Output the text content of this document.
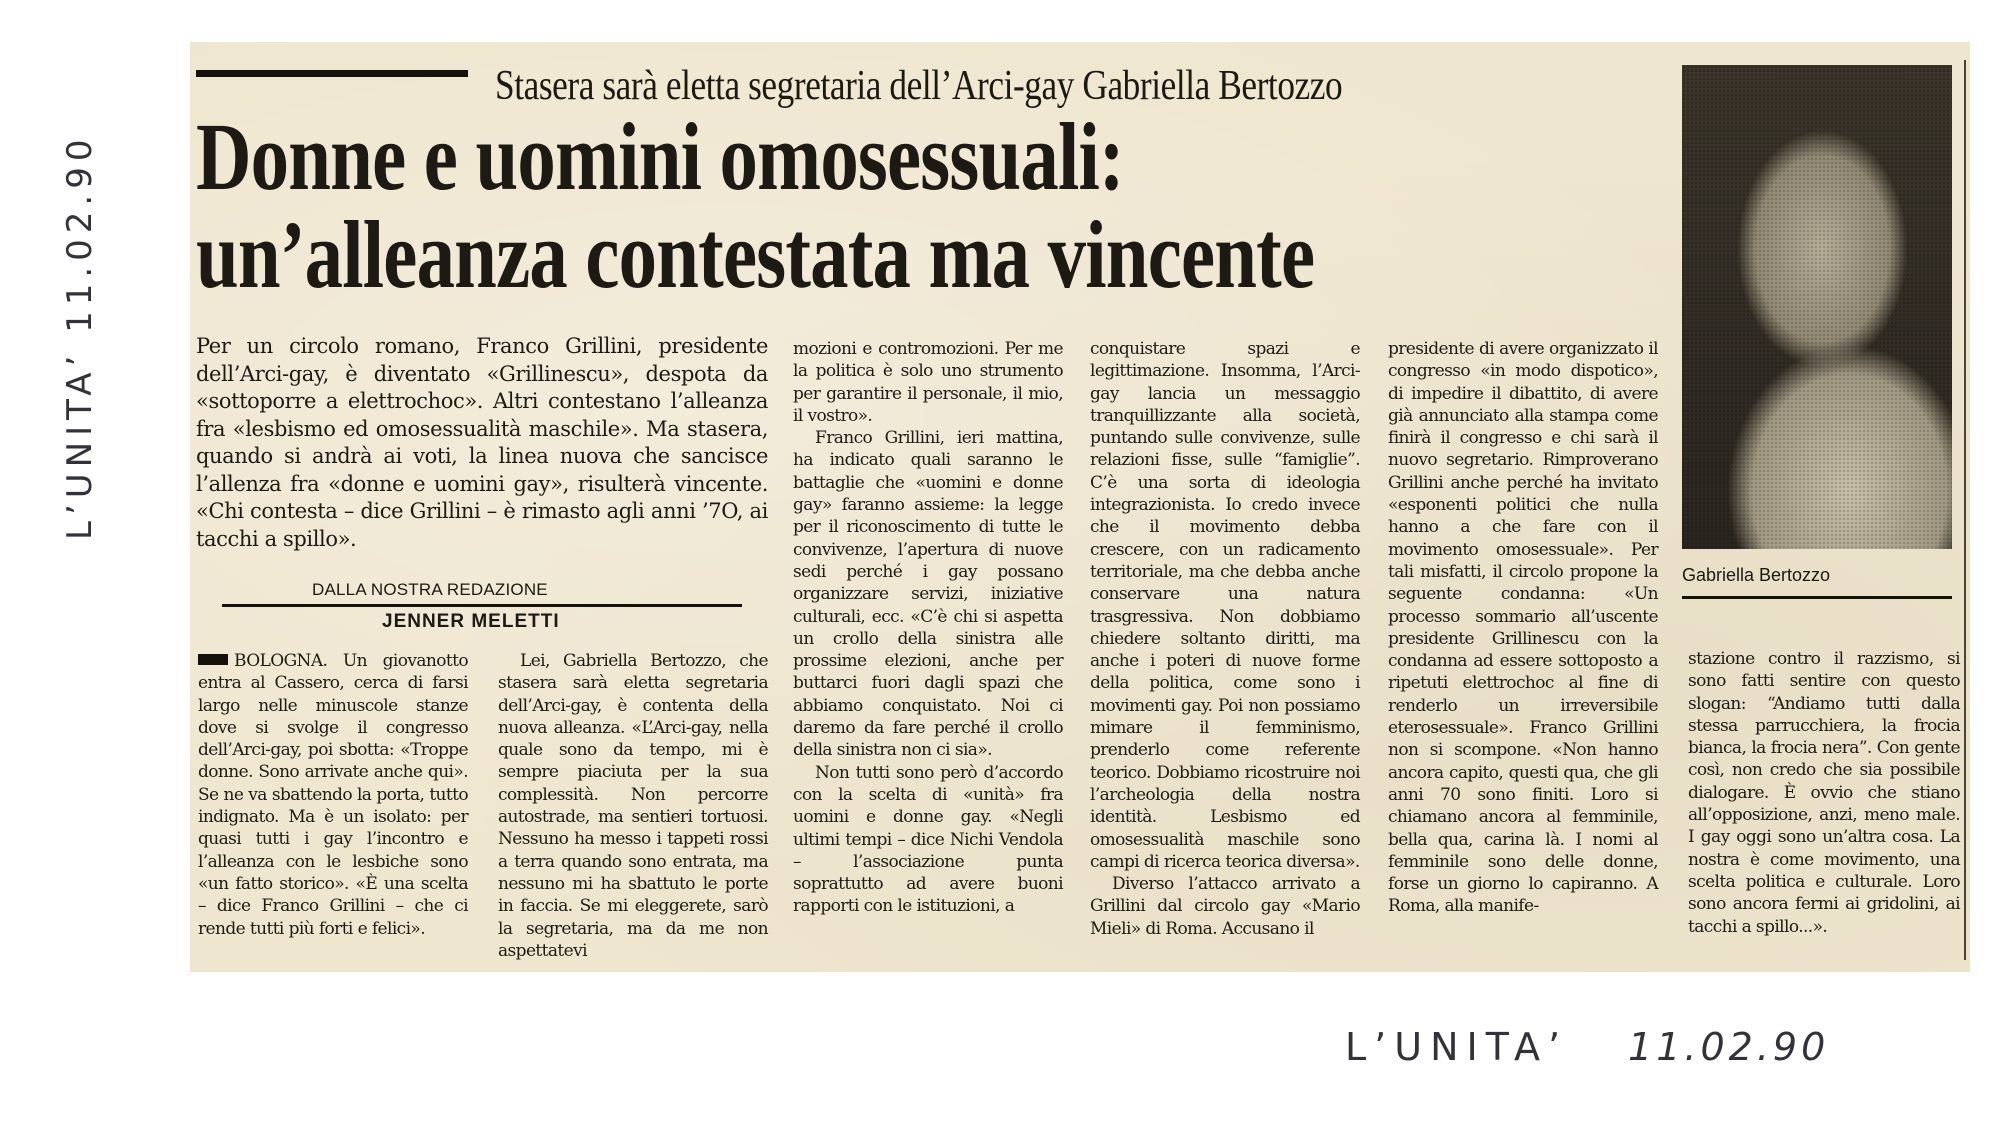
Stasera sarà eletta segretaria dell’Arci-gay Gabriella Bertozzo
Donne e uomini omosessuali:
un’alleanza contestata ma vincente
Per un circolo romano, Franco Grillini, presidente dell’Arci-gay, è diventato «Grillinescu», despota da «sottoporre a elettrochoc». Altri contestano l’alleanza fra «lesbismo ed omosessualità maschile». Ma stasera, quando si andrà ai voti, la linea nuova che sancisce l’allenza fra «donne e uomini gay», risulterà vincente. «Chi contesta – dice Grillini – è rimasto agli anni ’7O, ai tacchi a spillo».
DALLA NOSTRA REDAZIONE
JENNER MELETTI

BOLOGNA. Un giovanotto entra al Cassero, cerca di farsi largo nelle minuscole stanze dove si svolge il congresso dell’Arci-gay, poi sbotta: «Troppe donne. Sono arrivate anche qui». Se ne va sbattendo la porta, tutto indignato. Ma è un isolato: per quasi tutti i gay l’incontro e l’alleanza con le lesbiche sono «un fatto storico». «È una scelta – dice Franco Grillini – che ci rende tutti più forti e felici».

Lei, Gabriella Bertozzo, che stasera sarà eletta segretaria dell’Arci-gay, è contenta della nuova alleanza. «L’Arci-gay, nella quale sono da tempo, mi è sempre piaciuta per la sua complessità. Non percorre autostrade, ma sentieri tortuosi. Nessuno ha messo i tappeti rossi a terra quando sono entrata, ma nessuno mi ha sbattuto le porte in faccia. Se mi eleggerete, sarò la segretaria, ma da me non aspettatevi

mozioni e contromozioni. Per me la politica è solo uno strumento per garantire il personale, il mio, il vostro».

Franco Grillini, ieri mattina, ha indicato quali saranno le battaglie che «uomini e donne gay» faranno assieme: la legge per il riconoscimento di tutte le convivenze, l’apertura di nuove sedi perché i gay possano organizzare servizi, iniziative culturali, ecc. «C’è chi si aspetta un crollo della sinistra alle prossime elezioni, anche per buttarci fuori dagli spazi che abbiamo conquistato. Noi ci daremo da fare perché il crollo della sinistra non ci sia».

Non tutti sono però d’accordo con la scelta di «unità» fra uomini e donne gay. «Negli ultimi tempi – dice Nichi Vendola – l’associazione punta soprattutto ad avere buoni rapporti con le istituzioni, a

conquistare spazi e legittimazione. Insomma, l’Arci-gay lancia un messaggio tranquillizzante alla società, puntando sulle convivenze, sulle relazioni fisse, sulle “famiglie”. C’è una sorta di ideologia integrazionista. Io credo invece che il movimento debba crescere, con un radicamento territoriale, ma che debba anche conservare una natura trasgressiva. Non dobbiamo chiedere soltanto diritti, ma anche i poteri di nuove forme della politica, come sono i movimenti gay. Poi non possiamo mimare il femminismo, prenderlo come referente teorico. Dobbiamo ricostruire noi l’archeologia della nostra identità. Lesbismo ed omosessualità maschile sono campi di ricerca teorica diversa».

Diverso l’attacco arrivato a Grillini dal circolo gay «Mario Mieli» di Roma. Accusano il

presidente di avere organizzato il congresso «in modo dispotico», di impedire il dibattito, di avere già annunciato alla stampa come finirà il congresso e chi sarà il nuovo segretario. Rimproverano Grillini anche perché ha invitato «esponenti politici che nulla hanno a che fare con il movimento omosessuale». Per tali misfatti, il circolo propone la seguente condanna: «Un processo sommario all’uscente presidente Grillinescu con la condanna ad essere sottoposto a ripetuti elettrochoc al fine di renderlo un irreversibile eterosessuale». Franco Grillini non si scompone. «Non hanno ancora capito, questi qua, che gli anni 70 sono finiti. Loro si chiamano ancora al femminile, bella qua, carina là. I nomi al femminile sono delle donne, forse un giorno lo capiranno. A Roma, alla manife-

Gabriella Bertozzo

stazione contro il razzismo, si sono fatti sentire con questo slogan: “Andiamo tutti dalla stessa parrucchiera, la frocia bianca, la frocia nera”. Con gente così, non credo che sia possibile dialogare. È ovvio che stiano all’opposizione, anzi, meno male. I gay oggi sono un’altra cosa. La nostra è come movimento, una scelta politica e culturale. Loro sono ancora fermi ai gridolini, ai tacchi a spillo...».

L’UNITA’ 11.02.90
L’UNITA’ 11.02.90
